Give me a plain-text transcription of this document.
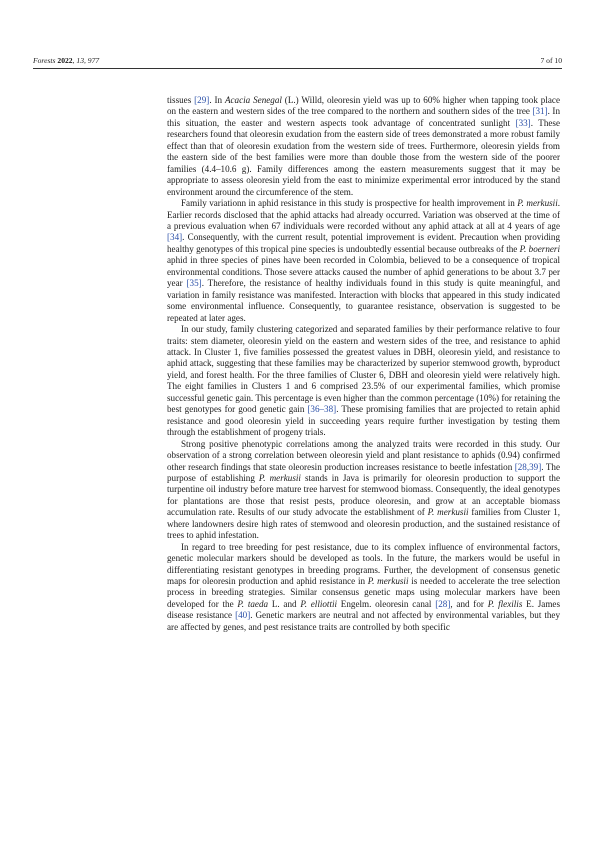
Forests 2022, 13, 977	7 of 10

tissues [29]. In Acacia Senegal (L.) Willd, oleoresin yield was up to 60% higher when tapping took place on the eastern and western sides of the tree compared to the northern and southern sides of the tree [31]. In this situation, the easter and western aspects took advantage of concentrated sunlight [33]. These researchers found that oleoresin exudation from the eastern side of trees demonstrated a more robust family effect than that of oleoresin exudation from the western side of trees. Furthermore, oleoresin yields from the eastern side of the best families were more than double those from the western side of the poorer families (4.4–10.6 g). Family differences among the eastern measurements suggest that it may be appropriate to assess oleoresin yield from the east to minimize experimental error introduced by the stand environment around the circumference of the stem.

Family variationn in aphid resistance in this study is prospective for health improvement in P. merkusii. Earlier records disclosed that the aphid attacks had already occurred. Variation was observed at the time of a previous evaluation when 67 individuals were recorded without any aphid attack at all at 4 years of age [34]. Consequently, with the current result, potential improvement is evident. Precaution when providing healthy genotypes of this tropical pine species is undoubtedly essential because outbreaks of the P. boerneri aphid in three species of pines have been recorded in Colombia, believed to be a consequence of tropical environmental conditions. Those severe attacks caused the number of aphid generations to be about 3.7 per year [35]. Therefore, the resistance of healthy individuals found in this study is quite meaningful, and variation in family resistance was manifested. Interaction with blocks that appeared in this study indicated some environmental influence. Consequently, to guarantee resistance, observation is suggested to be repeated at later ages.

In our study, family clustering categorized and separated families by their performance relative to four traits: stem diameter, oleoresin yield on the eastern and western sides of the tree, and resistance to aphid attack. In Cluster 1, five families possessed the greatest values in DBH, oleoresin yield, and resistance to aphid attack, suggesting that these families may be characterized by superior stemwood growth, byproduct yield, and forest health. For the three families of Cluster 6, DBH and oleoresin yield were relatively high. The eight families in Clusters 1 and 6 comprised 23.5% of our experimental families, which promise successful genetic gain. This percentage is even higher than the common percentage (10%) for retaining the best genotypes for good genetic gain [36–38]. These promising families that are projected to retain aphid resistance and good oleoresin yield in succeeding years require further investigation by testing them through the establishment of progeny trials.

Strong positive phenotypic correlations among the analyzed traits were recorded in this study. Our observation of a strong correlation between oleoresin yield and plant resistance to aphids (0.94) confirmed other research findings that state oleoresin production increases resistance to beetle infestation [28,39]. The purpose of establishing P. merkusii stands in Java is primarily for oleoresin production to support the turpentine oil industry before mature tree harvest for stemwood biomass. Consequently, the ideal genotypes for plantations are those that resist pests, produce oleoresin, and grow at an acceptable biomass accumulation rate. Results of our study advocate the establishment of P. merkusii families from Cluster 1, where landowners desire high rates of stemwood and oleoresin production, and the sustained resistance of trees to aphid infestation.

In regard to tree breeding for pest resistance, due to its complex influence of environmental factors, genetic molecular markers should be developed as tools. In the future, the markers would be useful in differentiating resistant genotypes in breeding programs. Further, the development of consensus genetic maps for oleoresin production and aphid resistance in P. merkusii is needed to accelerate the tree selection process in breeding strategies. Similar consensus genetic maps using molecular markers have been developed for the P. taeda L. and P. elliottii Engelm. oleoresin canal [28], and for P. flexilis E. James disease resistance [40]. Genetic markers are neutral and not affected by environmental variables, but they are affected by genes, and pest resistance traits are controlled by both specific
